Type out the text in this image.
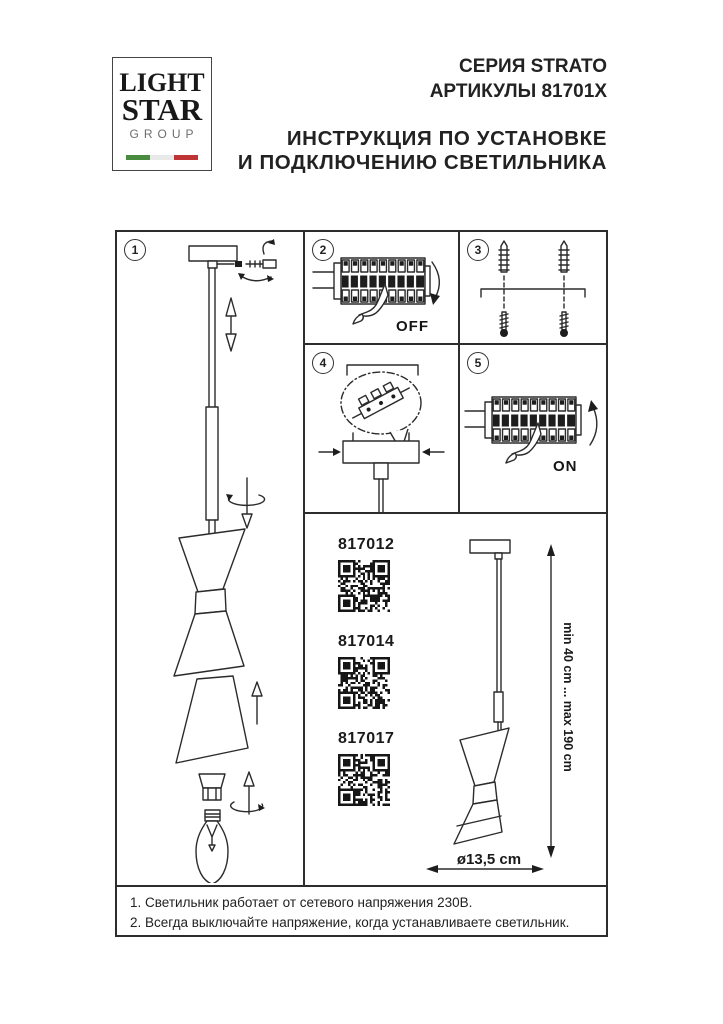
LIGHT
STAR
GROUP
СЕРИЯ STRATO
АРТИКУЛЫ 81701X
ИНСТРУКЦИЯ ПО УСТАНОВКЕ
И ПОДКЛЮЧЕНИЮ СВЕТИЛЬНИКА
1	2
OFF
3
4	5
ON
817012
817014
817017	min 40 cm ... max 190 cm
ø13,5 cm
1. Светильник работает от сетевого напряжения 230В.
2. Всегда выключайте напряжение, когда устанавливаете светильник.
